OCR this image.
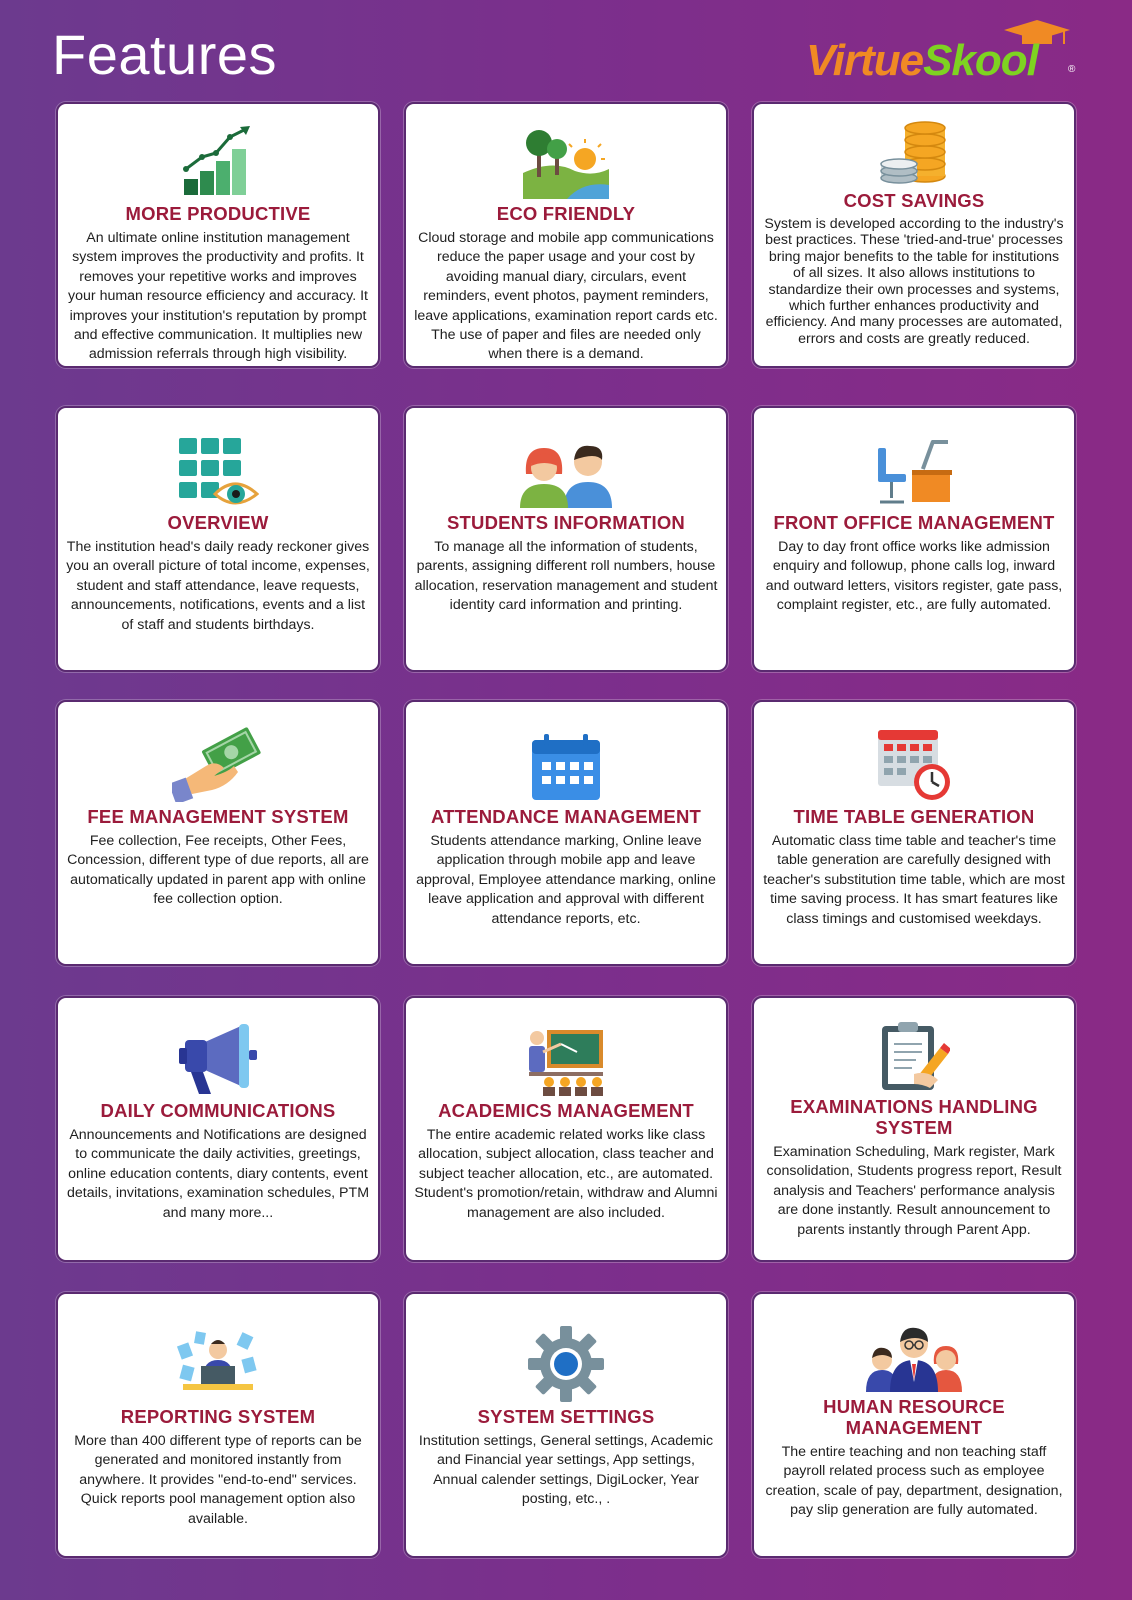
Features	VirtueSkool	®
MORE PRODUCTIVE
An ultimate online institution management system improves the productivity and profits. It removes your repetitive works and improves your human resource efficiency and accuracy. It improves your institution's reputation by prompt and effective communication. It multiplies new admission referrals through high visibility.
ECO FRIENDLY
Cloud storage and mobile app communications reduce the paper usage and your cost by avoiding manual diary, circulars, event reminders, event photos, payment reminders, leave applications, examination report cards etc. The use of paper and files are needed only when there is a demand.
COST SAVINGS
System is developed according to the industry's best practices. These 'tried-and-true' processes bring major benefits to the table for institutions of all sizes. It also allows institutions to standardize their own processes and systems, which further enhances productivity and efficiency. And many processes are automated, errors and costs are greatly reduced.
OVERVIEW
The institution head's daily ready reckoner gives you an overall picture of total income, expenses, student and staff attendance, leave requests, announcements, notifications, events and a list of staff and students birthdays.
STUDENTS INFORMATION
To manage all the information of students, parents, assigning different roll numbers, house allocation, reservation management and student identity card information and printing.
FRONT OFFICE MANAGEMENT
Day to day front office works like admission enquiry and followup, phone calls log, inward and outward letters, visitors register, gate pass, complaint register, etc., are fully automated.
FEE MANAGEMENT SYSTEM
Fee collection, Fee receipts, Other Fees, Concession, different type of due reports, all are automatically updated in parent app with online fee collection option.
ATTENDANCE MANAGEMENT
Students attendance marking, Online leave application through mobile app and leave approval, Employee attendance marking, online leave application and approval with different attendance reports, etc.
TIME TABLE GENERATION
Automatic class time table and teacher's time table generation are carefully designed with teacher's substitution time table, which are most time saving process. It has smart features like class timings and customised weekdays.
DAILY COMMUNICATIONS
Announcements and Notifications are designed to communicate the daily activities, greetings, online education contents, diary contents, event details, invitations, examination schedules, PTM and many more...
ACADEMICS MANAGEMENT
The entire academic related works like class allocation, subject allocation, class teacher and subject teacher allocation, etc., are automated. Student's promotion/retain, withdraw and Alumni management are also included.
EXAMINATIONS HANDLING SYSTEM
Examination Scheduling, Mark register, Mark consolidation, Students progress report, Result analysis and Teachers' performance analysis are done instantly. Result announcement to parents instantly through Parent App.
REPORTING SYSTEM
More than 400 different type of reports can be generated and monitored instantly from anywhere. It provides "end-to-end" services. Quick reports pool management option also available.
SYSTEM SETTINGS
Institution settings, General settings, Academic and Financial year settings, App settings, Annual calender settings, DigiLocker, Year posting, etc., .
HUMAN RESOURCE MANAGEMENT
The entire teaching and non teaching staff payroll related process such as employee creation, scale of pay, department, designation, pay slip generation are fully automated.
